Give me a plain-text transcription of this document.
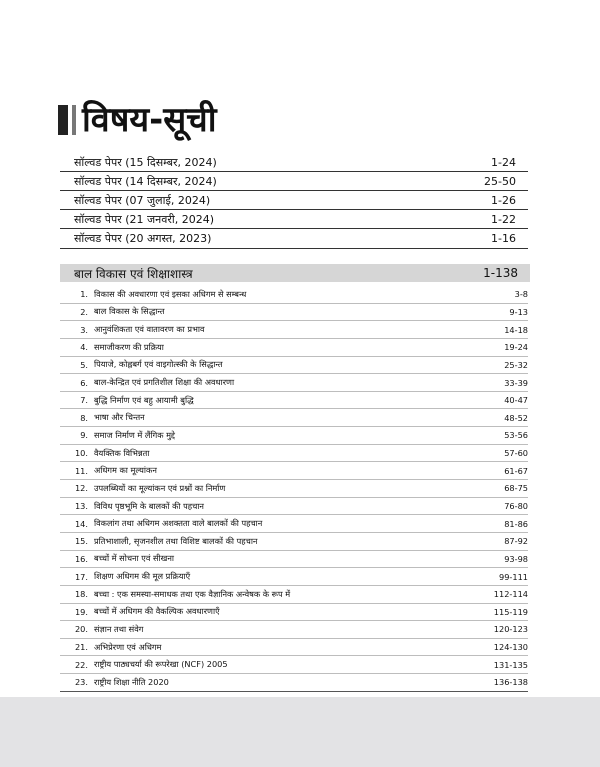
विषय-सूची
सॉल्वड पेपर (15 दिसम्बर, 2024)	1-24
सॉल्वड पेपर (14 दिसम्बर, 2024)	25-50
सॉल्वड पेपर (07 जुलाई, 2024)	1-26
सॉल्वड पेपर (21 जनवरी, 2024)	1-22
सॉल्वड पेपर (20 अगस्त, 2023)	1-16
बाल विकास एवं शिक्षाशास्त्र	1-138
1. विकास की अवधारणा एवं इसका अधिगम से सम्बन्ध	3-8
2. बाल विकास के सिद्धान्त	9-13
3. आनुवंशिकता एवं वातावरण का प्रभाव	14-18
4. समाजीकरण की प्रक्रिया	19-24
5. पियाजे, कोह्लबर्ग एवं वाइगोत्स्की के सिद्धान्त	25-32
6. बाल-केन्द्रित एवं प्रगतिशील शिक्षा की अवधारणा	33-39
7. बुद्धि निर्माण एवं बहु आयामी बुद्धि	40-47
8. भाषा और चिन्तन	48-52
9. समाज निर्माण में लैंगिक मुद्दे	53-56
10. वैयक्तिक विभिन्नता	57-60
11. अधिगम का मूल्यांकन	61-67
12. उपलब्धियों का मूल्यांकन एवं प्रश्नों का निर्माण	68-75
13. विविध पृष्ठभूमि के बालकों की पहचान	76-80
14. विकलांग तथा अधिगम अशक्तता वाले बालकों की पहचान	81-86
15. प्रतिभाशाली, सृजनशील तथा विशिष्ट बालकों की पहचान	87-92
16. बच्चों में सोचना एवं सीखना	93-98
17. शिक्षण अधिगम की मूल प्रक्रियाएँ	99-111
18. बच्चा : एक समस्या-समाधक तथा एक वैज्ञानिक अन्वेषक के रूप में	112-114
19. बच्चों में अधिगम की वैकल्पिक अवधारणाएँ	115-119
20. संज्ञान तथा संवेग	120-123
21. अभिप्रेरणा एवं अधिगम	124-130
22. राष्ट्रीय पाठ्यचर्या की रूपरेखा (NCF) 2005	131-135
23. राष्ट्रीय शिक्षा नीति 2020	136-138
